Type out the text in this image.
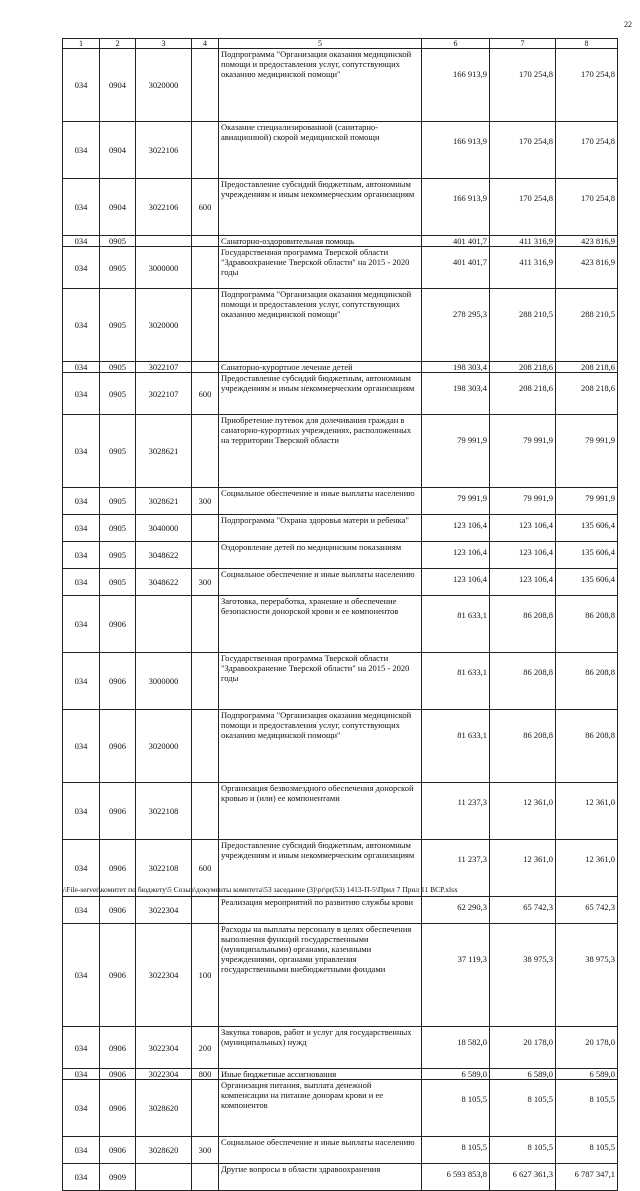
22
1	2	3	4	5	6	7	8
034	0904	3020000		Подпрограмма "Организация оказания медицинской помощи и предоставления услуг, сопутствующих оказанию медицинской помощи"	166 913,9	170 254,8	170 254,8
034	0904	3022106		Оказание специализированной (санитарно-авиационной) скорой медицинской помощи	166 913,9	170 254,8	170 254,8
034	0904	3022106	600	Предоставление субсидий бюджетным, автономным учреждениям и иным некоммерческим организациям	166 913,9	170 254,8	170 254,8
034	0905			Санаторно-оздоровительная помощь	401 401,7	411 316,9	423 816,9
034	0905	3000000		Государственная программа Тверской области "Здравоохранение Тверской области" на 2015 - 2020 годы	401 401,7	411 316,9	423 816,9
034	0905	3020000		Подпрограмма "Организация оказания медицинской помощи и предоставления услуг, сопутствующих оказанию медицинской помощи"	278 295,3	288 210,5	288 210,5
034	0905	3022107		Санаторно-курортное лечение детей	198 303,4	208 218,6	208 218,6
034	0905	3022107	600	Предоставление субсидий бюджетным, автономным учреждениям и иным некоммерческим организациям	198 303,4	208 218,6	208 218,6
034	0905	3028621		Приобретение путевок для долечивания граждан в санаторно-курортных учреждениях, расположенных на территории Тверской области	79 991,9	79 991,9	79 991,9
034	0905	3028621	300	Социальное обеспечение и иные выплаты населению	79 991,9	79 991,9	79 991,9
034	0905	3040000		Подпрограмма "Охрана здоровья матери и ребенка"	123 106,4	123 106,4	135 606,4
034	0905	3048622		Оздоровление детей по медицинским показаниям	123 106,4	123 106,4	135 606,4
034	0905	3048622	300	Социальное обеспечение и иные выплаты населению	123 106,4	123 106,4	135 606,4
034	0906			Заготовка, переработка, хранение и обеспечение безопасности донорской крови и ее компонентов	81 633,1	86 208,8	86 208,8
034	0906	3000000		Государственная программа Тверской области "Здравоохранение Тверской области" на 2015 - 2020 годы	81 633,1	86 208,8	86 208,8
034	0906	3020000		Подпрограмма "Организация оказания медицинской помощи и предоставления услуг, сопутствующих оказанию медицинской помощи"	81 633,1	86 208,8	86 208,8
034	0906	3022108		Организация безвозмездного обеспечения донорской кровью и (или) ее компонентами	11 237,3	12 361,0	12 361,0
034	0906	3022108	600	Предоставление субсидий бюджетным, автономным учреждениям и иным некоммерческим организациям	11 237,3	12 361,0	12 361,0
034	0906	3022304		Реализация мероприятий по развитию службы крови	62 290,3	65 742,3	65 742,3
034	0906	3022304	100	Расходы на выплаты персоналу в целях обеспечения выполнения функций государственными (муниципальными) органами, казенными учреждениями, органами управления государственными внебюджетными фондами	37 119,3	38 975,3	38 975,3
034	0906	3022304	200	Закупка товаров, работ и услуг для государственных (муниципальных) нужд	18 582,0	20 178,0	20 178,0
034	0906	3022304	800	Иные бюджетные ассигнования	6 589,0	6 589,0	6 589,0
034	0906	3028620		Организация питания, выплата денежной компенсации на питание донорам крови и ее компонентов	8 105,5	8 105,5	8 105,5
034	0906	3028620	300	Социальное обеспечение и иные выплаты населению	8 105,5	8 105,5	8 105,5
034	0909			Другие вопросы в области здравоохранения	6 593 853,8	6 627 361,3	6 787 347,1
\\File-server\комитет по бюджету\5 Созыв\документы комитета\53 заседание (3)\pr\pr(53) 1413-П-5\Прил 7 Прил 11 ВСР.xlsx
